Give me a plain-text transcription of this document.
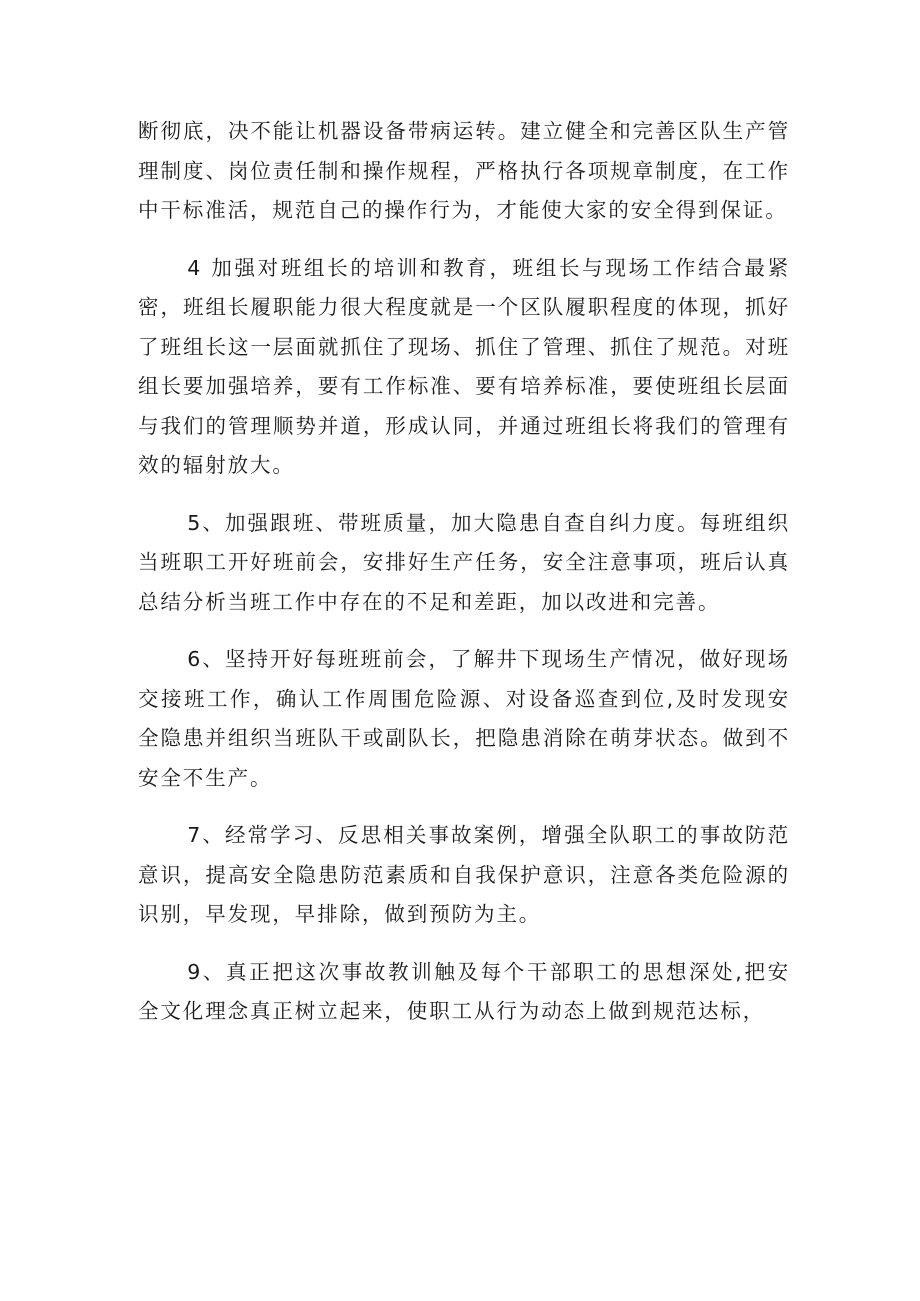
断彻底，决不能让机器设备带病运转。建立健全和完善区队生产管理制度、岗位责任制和操作规程，严格执行各项规章制度，在工作中干标准活，规范自己的操作行为，才能使大家的安全得到保证。

4 加强对班组长的培训和教育，班组长与现场工作结合最紧密，班组长履职能力很大程度就是一个区队履职程度的体现，抓好了班组长这一层面就抓住了现场、抓住了管理、抓住了规范。对班组长要加强培养，要有工作标准、要有培养标准，要使班组长层面与我们的管理顺势并道，形成认同，并通过班组长将我们的管理有效的辐射放大。

5、加强跟班、带班质量，加大隐患自查自纠力度。每班组织当班职工开好班前会，安排好生产任务，安全注意事项，班后认真总结分析当班工作中存在的不足和差距，加以改进和完善。

6、坚持开好每班班前会，了解井下现场生产情况，做好现场交接班工作，确认工作周围危险源、对设备巡查到位,及时发现安全隐患并组织当班队干或副队长，把隐患消除在萌芽状态。做到不安全不生产。

7、经常学习、反思相关事故案例，增强全队职工的事故防范意识，提高安全隐患防范素质和自我保护意识，注意各类危险源的识别，早发现，早排除，做到预防为主。

9、真正把这次事故教训触及每个干部职工的思想深处,把安全文化理念真正树立起来，使职工从行为动态上做到规范达标，
